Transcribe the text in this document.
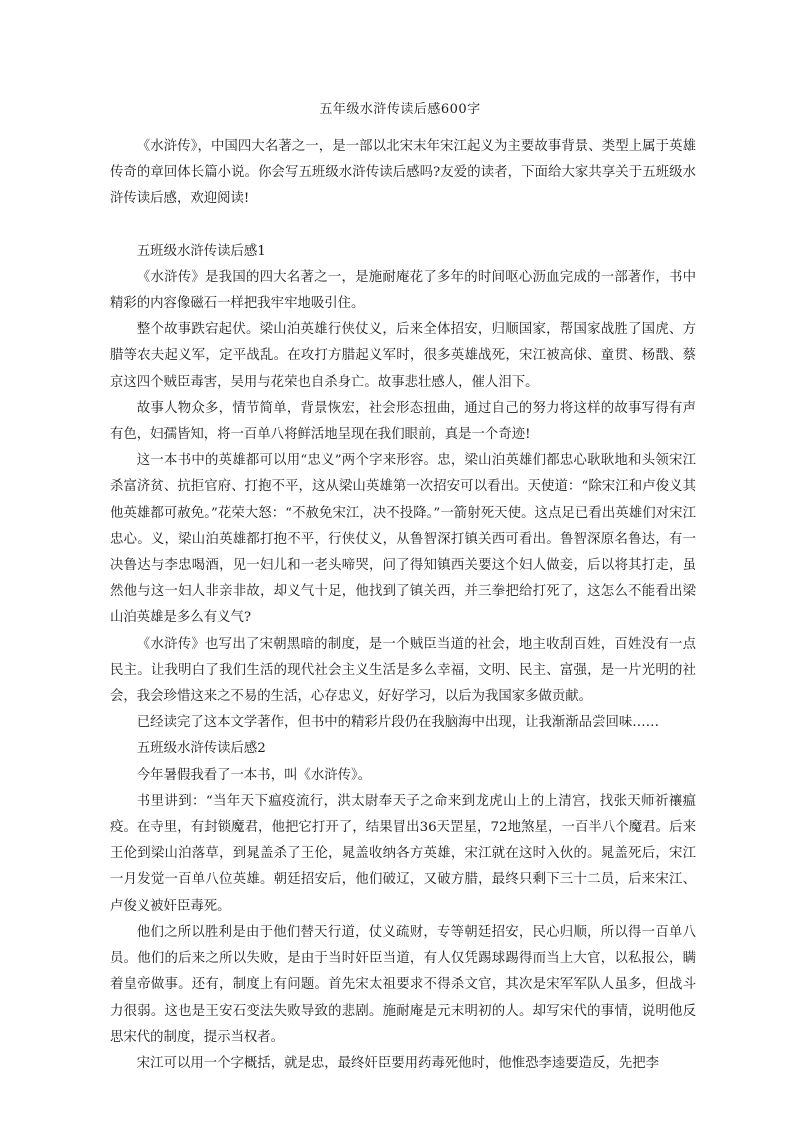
五年级水浒传读后感600字

《水浒传》，中国四大名著之一，是一部以北宋末年宋江起义为主要故事背景、类型上属于英雄传奇的章回体长篇小说。你会写五班级水浒传读后感吗?友爱的读者，下面给大家共享关于五班级水浒传读后感，欢迎阅读!

五班级水浒传读后感1

《水浒传》是我国的四大名著之一，是施耐庵花了多年的时间呕心沥血完成的一部著作，书中精彩的内容像磁石一样把我牢牢地吸引住。

整个故事跌宕起伏。梁山泊英雄行侠仗义，后来全体招安，归顺国家，帮国家战胜了国虎、方腊等农夫起义军，定平战乱。在攻打方腊起义军时，很多英雄战死，宋江被高俅、童贯、杨戬、蔡京这四个贼臣毒害，吴用与花荣也自杀身亡。故事悲壮感人，催人泪下。

故事人物众多，情节简单，背景恢宏，社会形态扭曲，通过自己的努力将这样的故事写得有声有色，妇孺皆知，将一百单八将鲜活地呈现在我们眼前，真是一个奇迹!

这一本书中的英雄都可以用“忠义”两个字来形容。忠，梁山泊英雄们都忠心耿耿地和头领宋江杀富济贫、抗拒官府、打抱不平，这从梁山英雄第一次招安可以看出。天使道：“除宋江和卢俊义其他英雄都可赦免。”花荣大怒：“不赦免宋江，决不投降。”一箭射死天使。这点足已看出英雄们对宋江忠心。义，梁山泊英雄都打抱不平，行侠仗义，从鲁智深打镇关西可看出。鲁智深原名鲁达，有一决鲁达与李忠喝酒，见一妇儿和一老头啼哭，问了得知镇西关要这个妇人做妾，后以将其打走，虽然他与这一妇人非亲非故，却义气十足，他找到了镇关西，并三拳把给打死了，这怎么不能看出梁山泊英雄是多么有义气?

《水浒传》也写出了宋朝黑暗的制度，是一个贼臣当道的社会，地主收刮百姓，百姓没有一点民主。让我明白了我们生活的现代社会主义生活是多么幸福，文明、民主、富强，是一片光明的社会，我会珍惜这来之不易的生活，心存忠义，好好学习，以后为我国家多做贡献。

已经读完了这本文学著作，但书中的精彩片段仍在我脑海中出现，让我渐渐品尝回味……

五班级水浒传读后感2

今年暑假我看了一本书，叫《水浒传》。

书里讲到：“当年天下瘟疫流行，洪太尉奉天子之命来到龙虎山上的上清宫，找张天师祈禳瘟疫。在寺里，有封锁魔君，他把它打开了，结果冒出36天罡星，72地煞星，一百半八个魔君。后来王伦到梁山泊落草，到晁盖杀了王伦，晁盖收纳各方英雄，宋江就在这时入伙的。晁盖死后，宋江一月发觉一百单八位英雄。朝廷招安后，他们破辽，又破方腊，最终只剩下三十二员，后来宋江、卢俊义被奸臣毒死。

他们之所以胜利是由于他们替天行道，仗义疏财，专等朝廷招安，民心归顺，所以得一百单八员。他们的后来之所以失败，是由于当时奸臣当道，有人仅凭踢球踢得而当上大官，以私报公，瞒着皇帝做事。还有，制度上有问题。首先宋太祖要求不得杀文官，其次是宋军军队人虽多，但战斗力很弱。这也是王安石变法失败导致的悲剧。施耐庵是元末明初的人。却写宋代的事情，说明他反思宋代的制度，提示当权者。

宋江可以用一个字概括，就是忠，最终奸臣要用药毒死他时，他惟恐李逵要造反，先把李
